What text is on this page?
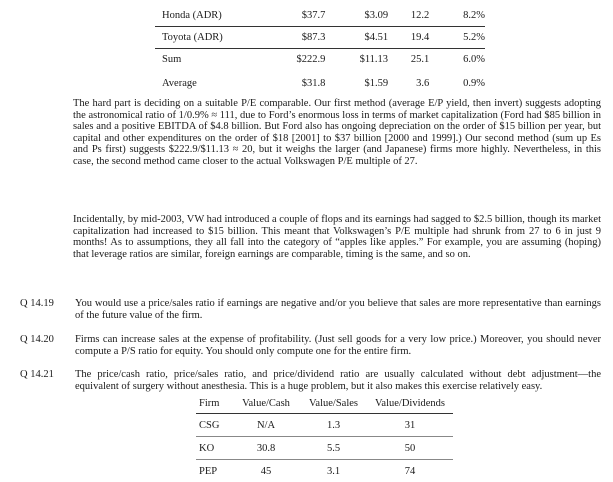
Honda (ADR)	$37.7	$3.09	12.2	8.2%
Toyota (ADR)	$87.3	$4.51	19.4	5.2%
Sum	$222.9	$11.13	25.1	6.0%
Average	$31.8	$1.59	3.6	0.9%

The hard part is deciding on a suitable P/E comparable. Our first method (average E/P yield, then invert) suggests adopting the astronomical ratio of 1/0.9% ≈ 111, due to Ford’s enormous loss in terms of market capitalization (Ford had $85 billion in sales and a positive EBITDA of $4.8 billion. But Ford also has ongoing depreciation on the order of $15 billion per year, but capital and other expenditures on the order of $18 [2001] to $37 billion [2000 and 1999].) Our second method (sum up Es and Ps first) suggests $222.9/$11.13 ≈ 20, but it weighs the larger (and Japanese) firms more highly. Nevertheless, in this case, the second method came closer to the actual Volkswagen P/E multiple of 27.

Incidentally, by mid-2003, VW had introduced a couple of flops and its earnings had sagged to $2.5 billion, though its market capitalization had increased to $15 billion. This meant that Volkswagen’s P/E multiple had shrunk from 27 to 6 in just 9 months! As to assumptions, they all fall into the category of “apples like apples.” For example, you are assuming (hoping) that leverage ratios are similar, foreign earnings are comparable, timing is the same, and so on.

Q 14.19	You would use a price/sales ratio if earnings are negative and/or you believe that sales are more representative than earnings of the future value of the firm.
Q 14.20	Firms can increase sales at the expense of profitability. (Just sell goods for a very low price.) Moreover, you should never compute a P/S ratio for equity. You should only compute one for the entire firm.
Q 14.21	The price/cash ratio, price/sales ratio, and price/dividend ratio are usually calculated without debt adjustment—the equivalent of surgery without anesthesia. This is a huge problem, but it also makes this exercise relatively easy.
Firm	Value/Cash	Value/Sales	Value/Dividends
CSG	N/A	1.3	31
KO	30.8	5.5	50
PEP	45	3.1	74
